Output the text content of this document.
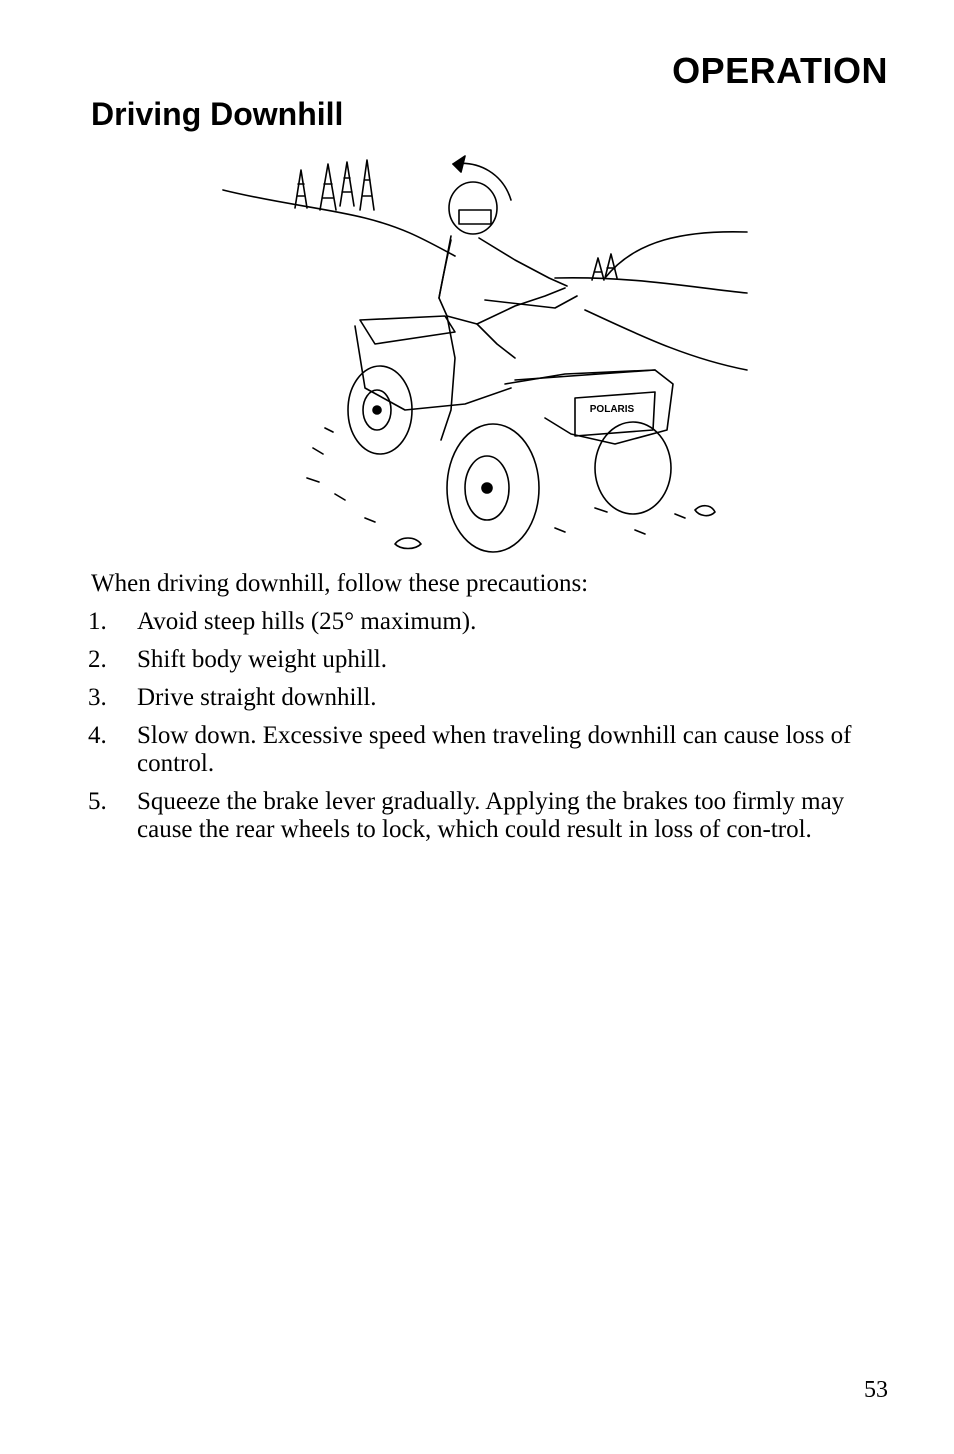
OPERATION
Driving Downhill
POLARIS
When driving downhill, follow these precautions:
1. Avoid steep hills (25° maximum).
2. Shift body weight uphill.
3. Drive straight downhill.
4. Slow down. Excessive speed when traveling downhill can cause loss of control.
5. Squeeze the brake lever gradually. Applying the brakes too firmly may cause the rear wheels to lock, which could result in loss of con-trol.
53
